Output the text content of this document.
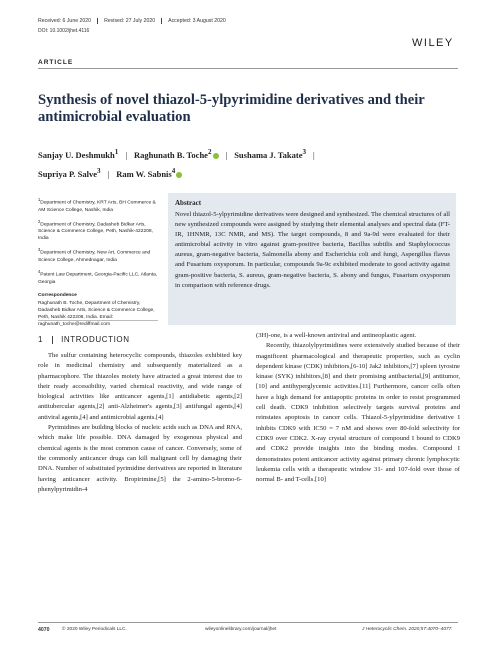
Received: 6 June 2020	Revised: 27 July 2020	Accepted: 3 August 2020
DOI: 10.1002/jhet.4116
WILEY
ARTICLE
Synthesis of novel thiazol-5-ylpyrimidine derivatives and their antimicrobial evaluation
Sanjay U. Deshmukh$^1$ | Raghunath B. Toche$^2$ | Sushama J. Takate$^3$ |
Supriya P. Salve$^3$ | Ram W. Sabnis$^4$

$^1$Department of Chemistry, KRT Arts, BH Commerce & AM Science College, Nashik, India

$^2$Department of Chemistry, Dadasheb Bidkar Arts, Science & Commerce College, Peth, Nashik-422208, India

$^3$Department of Chemistry, New Art, Commerce and Science College, Ahmednagar, India

$^4$Patent Law Department, Georgia-Pacific LLC, Atlanta, Georgia

Correspondence

Raghunath B. Toche, Department of Chemistry, Dadasheb Bidkar Arts, Science & Commerce College, Peth, Nashik 422208, India. Email: raghunath_toche@rediffmail.com

Abstract
Novel thiazol-5-ylpyrimidine derivatives were designed and synthesized. The chemical structures of all new synthesized compounds were assigned by studying their elemental analyses and spectral data (FT-IR, 1HNMR, 13C NMR, and MS). The target compounds, 8 and 9a-9d were evaluated for their antimicrobial activity in vitro against gram-positive bacteria, Bacillus subtilis and Staphylococcus aureus, gram-negative bacteria, Salmonella abony and Escherichia coli and fungi, Aspergillus flavus and Fusarium oxysporum. In particular, compounds 9a-9c exhibited moderate to good activity against gram-positive bacteria, S. aureus, gram-negative bacteria, S. abony and fungus, Fusarium oxysporum in comparison with reference drugs.
1 INTRODUCTION

The sulfur containing heterocyclic compounds, thiazoles exhibited key role in medicinal chemistry and subsequently materialized as a pharmacophore. The thiazoles moiety have attracted a great interest due to their ready accessibility, varied chemical reactivity, and wide range of biological activities like anticancer agents,[1] antidiabetic agents,[2] antitubercular agents,[2] anti-Alzheimer's agents,[3] antifungal agents,[4] antiviral agents,[4] and antimicrobial agents.[4]

Pyrimidines are building blocks of nucleic acids such as DNA and RNA, which make life possible. DNA damaged by exogenous physical and chemical agents is the most common cause of cancer. Conversely, some of the commonly anticancer drugs can kill malignant cell by damaging their DNA. Number of substituted pyrimidine derivatives are reported in literature having anticancer activity. Bropirimine,[5] the 2-amino-5-bromo-6-phenylpyrimidin-4

(3H)-one, is a well-known antiviral and antineoplastic agent.

Recently, thiazolylpyrimidines were extensively studied because of their magnificent pharmacological and therapeutic properties, such as cyclin dependent kinase (CDK) inhibitors,[6-10] Jak2 inhibitors,[7] spleen tyrosine kinase (SYK) inhibitors,[8] and their promising antibacterial,[9] antitumor,[10] and antihyperglycemic activities.[11] Furthermore, cancer cells often have a high demand for antiapoptic proteins in order to resist programmed cell death. CDK9 inhibition selectively targets survival proteins and reinstates apoptosis in cancer cells. Thiazol-5-ylpyrimidine derivative I inhibits CDK9 with IC50 = 7 nM and shows over 80-fold selectivity for CDK9 over CDK2. X-ray crystal structure of compound I bound to CDK9 and CDK2 provide insights into the binding modes. Compound I demonstrates potent anticancer activity against primary chronic lymphocytic leukemia cells with a therapeutic window 31- and 107-fold over those of normal B- and T-cells.[10]

4070	© 2020 Wiley Periodicals LLC.	wileyonlinelibrary.com/journal/jhet	J Heterocyclic Chem. 2020;57:4070–4077.
